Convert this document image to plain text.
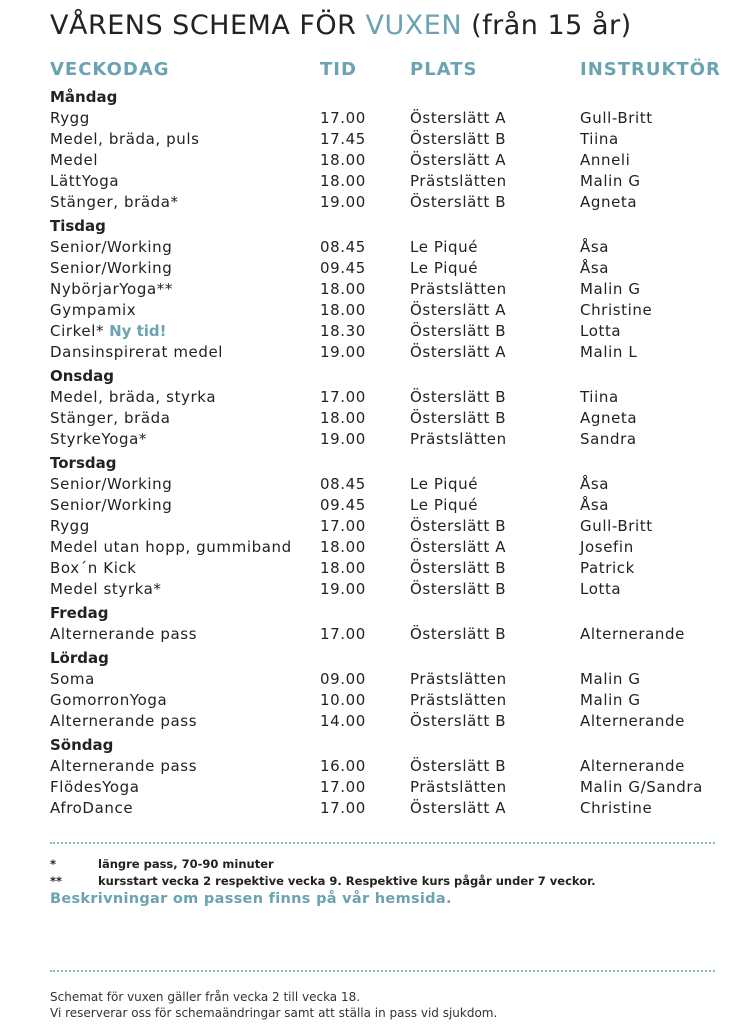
VÅRENS SCHEMA FÖR VUXEN (från 15 år)
VECKODAG	TID	PLATS	INSTRUKTÖR
Måndag
Rygg	17.00	Österslätt A	Gull-Britt
Medel, bräda, puls	17.45	Österslätt B	Tiina
Medel	18.00	Österslätt A	Anneli
LättYoga	18.00	Prästslätten	Malin G
Stänger, bräda*	19.00	Österslätt B	Agneta
Tisdag
Senior/Working	08.45	Le Piqué	Åsa
Senior/Working	09.45	Le Piqué	Åsa
NybörjarYoga**	18.00	Prästslätten	Malin G
Gympamix	18.00	Österslätt A	Christine
Cirkel* Ny tid!	18.30	Österslätt B	Lotta
Dansinspirerat medel	19.00	Österslätt A	Malin L
Onsdag
Medel, bräda, styrka	17.00	Österslätt B	Tiina
Stänger, bräda	18.00	Österslätt B	Agneta
StyrkeYoga*	19.00	Prästslätten	Sandra
Torsdag
Senior/Working	08.45	Le Piqué	Åsa
Senior/Working	09.45	Le Piqué	Åsa
Rygg	17.00	Österslätt B	Gull-Britt
Medel utan hopp, gummiband 18.00	Österslätt A	Josefin
Box´n Kick	18.00	Österslätt B	Patrick
Medel styrka*	19.00	Österslätt B	Lotta
Fredag
Alternerande pass	17.00	Österslätt B	Alternerande
Lördag
Soma	09.00	Prästslätten	Malin G
GomorronYoga	10.00	Prästslätten	Malin G
Alternerande pass	14.00	Österslätt B	Alternerande
Söndag
Alternerande pass	16.00	Österslätt B	Alternerande
FlödesYoga	17.00	Prästslätten	Malin G/Sandra
AfroDance	17.00	Österslätt A	Christine
*	längre pass, 70-90 minuter
**	kursstart vecka 2 respektive vecka 9. Respektive kurs pågår under 7 veckor.
Beskrivningar om passen finns på vår hemsida.
Schemat för vuxen gäller från vecka 2 till vecka 18.
Vi reserverar oss för schemaändringar samt att ställa in pass vid sjukdom.
